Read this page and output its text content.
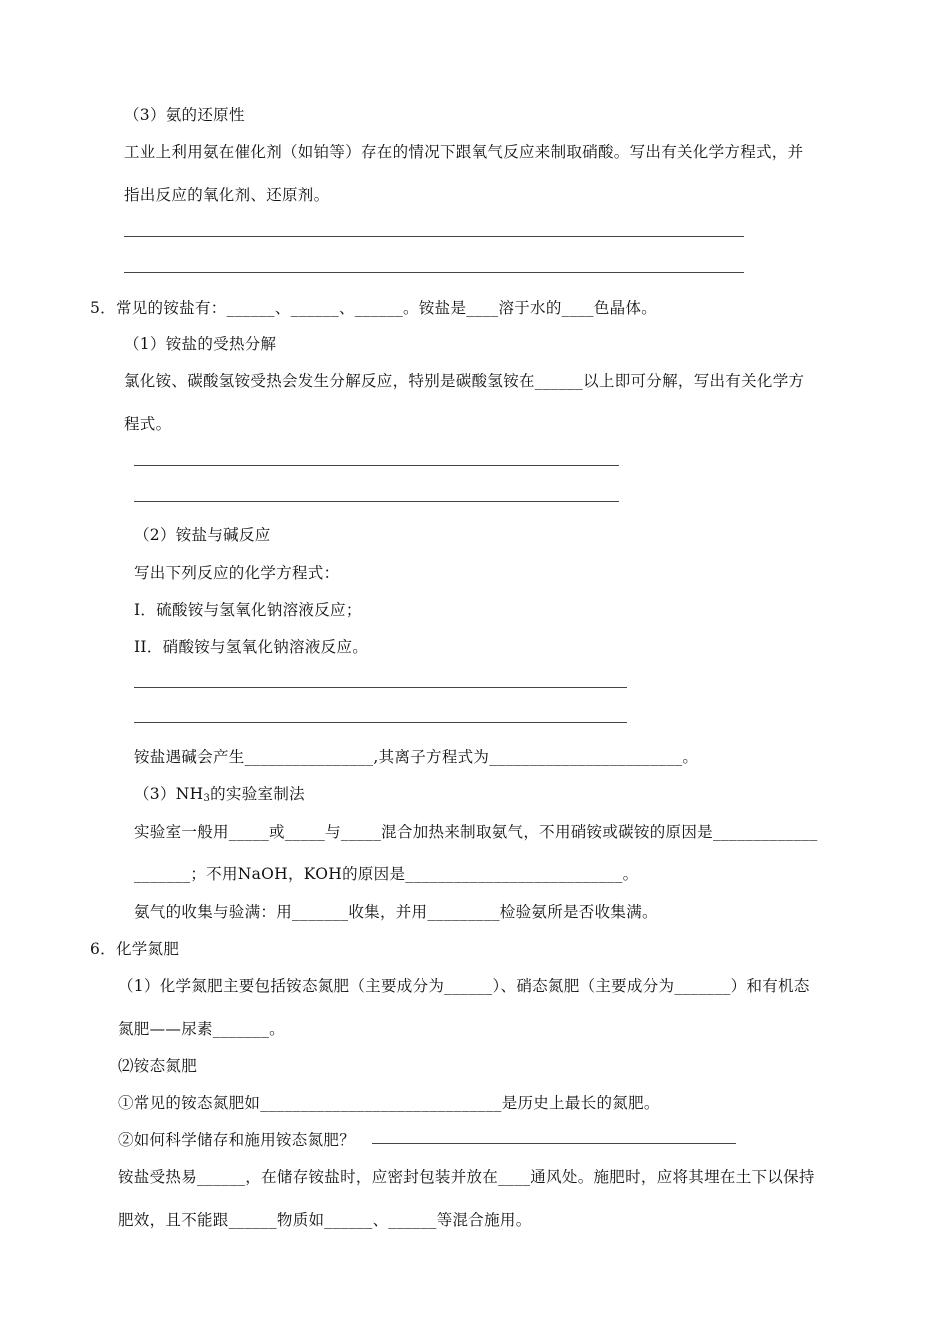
（3）氨的还原性
工业上利用氨在催化剂（如铂等）存在的情况下跟氧气反应来制取硝酸。写出有关化学方程式，并
指出反应的氧化剂、还原剂。
5．常见的铵盐有：______、______、______。铵盐是____溶于水的____色晶体。
（1）铵盐的受热分解
氯化铵、碳酸氢铵受热会发生分解反应，特别是碳酸氢铵在______以上即可分解，写出有关化学方
程式。
（2）铵盐与碱反应
写出下列反应的化学方程式：
I．硫酸铵与氢氧化钠溶液反应；
II．硝酸铵与氢氧化钠溶液反应。
铵盐遇碱会产生________________,其离子方程式为________________________。
$(3)NH_3$的实验室制法
实验室一般用_____或_____与_____混合加热来制取氨气，不用硝铵或碳铵的原因是_____________
_______；不用NaOH，KOH的原因是___________________________。
氨气的收集与验满：用_______收集，并用_________检验氨所是否收集满。
6．化学氮肥
（1）化学氮肥主要包括铵态氮肥（主要成分为______）、硝态氮肥（主要成分为_______）和有机态
氮肥——尿素_______。
⑵铵态氮肥
①常见的铵态氮肥如______________________________是历史上最长的氮肥。
②如何科学储存和施用铵态氮肥？
铵盐受热易______，在储存铵盐时，应密封包装并放在____通风处。施肥时，应将其埋在土下以保持
肥效，且不能跟______物质如______、______等混合施用。
